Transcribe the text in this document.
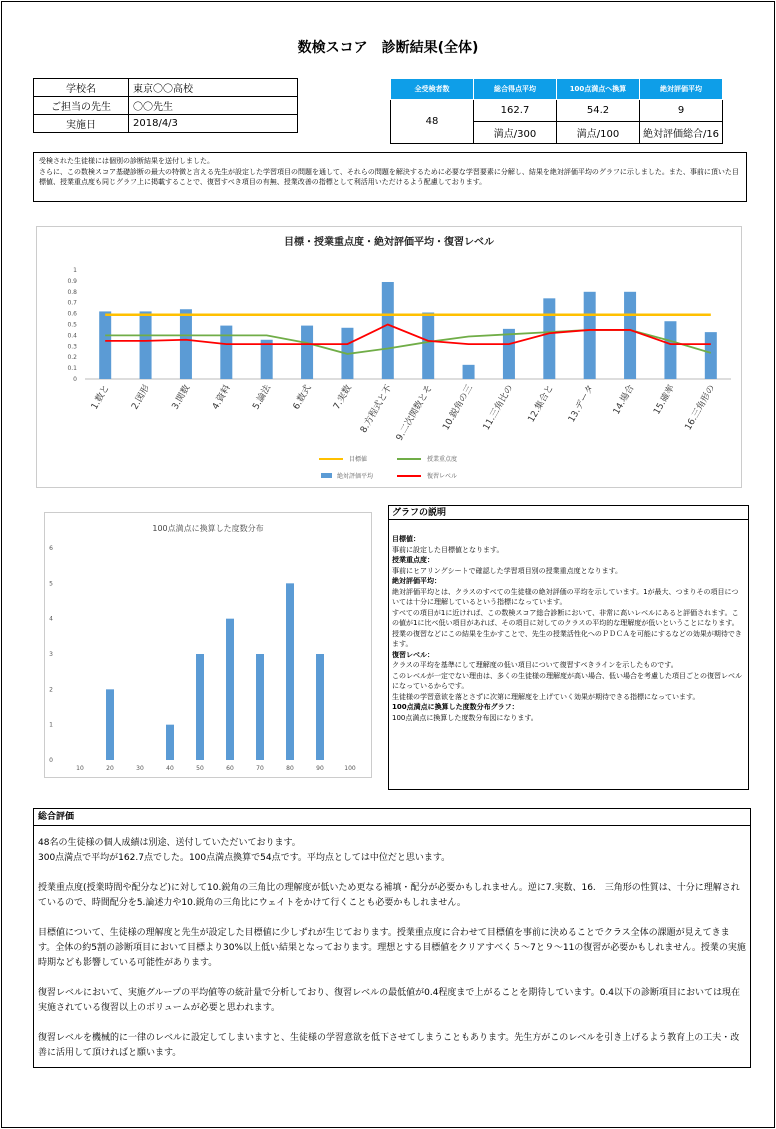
数検スコア　診断結果(全体)
学校名	東京〇〇高校
ご担当の先生	〇〇先生
実施日	2018/4/3
全受検者数	総合得点平均	100点満点へ換算	絶対評価平均
48	162.7	54.2	9
	満点/300	満点/100	絶対評価総合/16
受検された生徒様には個別の診断結果を送付しました。
さらに、この数検スコア基礎診断の最大の特徴と言える先生が設定した学習項目の問題を通して、それらの問題を解決するために必要な学習要素に分解し、結果を絶対評価平均のグラフに示しました。また、事前に頂いた目標値、授業重点度も同じグラフ上に掲載することで、復習すべき項目の有無、授業改善の指標として利活用いただけるよう配慮しております。
目標・授業重点度・絶対評価平均・復習レベル
0
0.1
0.2
0.3
0.4
0.5
0.6
0.7
0.8
0.9
1
1.数と 2.図形 3.関数 4.資料 5.論法 6.数式 7.実数 8.方程式と不 9.二次関数とそ 10.鋭角の三 11.三角比の 12.集合と 13.データ 14.場合 15.確率 16.三角形の
目標値	授業重点度
絶対評価平均	復習レベル
100点満点に換算した度数分布
0
1
2
3
4
5
6
10	20	30	40	50	60	70	80	90	100
グラフの説明
目標値：
事前に設定した目標値となります。
授業重点度：
事前にヒアリングシートで確認した学習項目別の授業重点度となります。
絶対評価平均：
絶対評価平均とは、クラスのすべての生徒様の絶対評価の平均を示しています。1が最大、つまりその項目については十分に理解しているという指標になっています。
すべての項目が1に近ければ、この数検スコア総合診断において、非常に高いレベルにあると評価されます。この値が1に比べ低い項目があれば、その項目に対してのクラスの平均的な理解度が低いということになります。授業の復習などにこの結果を生かすことで、先生の授業活性化へのＰＤＣＡを可能にするなどの効果が期待できます。
復習レベル：
クラスの平均を基準にして理解度の低い項目について復習すべきラインを示したものです。
このレベルが一定でない理由は、多くの生徒様の理解度が高い場合、低い場合を考慮した項目ごとの復習レベルになっているからです。
生徒様の学習意欲を落とさずに次第に理解度を上げていく効果が期待できる指標になっています。
100点満点に換算した度数分布グラフ：
100点満点に換算した度数分布図になります。
総合評価

48名の生徒様の個人成績は別途、送付していただいております。
300点満点で平均が162.7点でした。100点満点換算で54点です。平均点としては中位だと思います。

授業重点度(授業時間や配分など)に対して10.鋭角の三角比の理解度が低いため更なる補填・配分が必要かもしれません。逆に7.実数、16.　三角形の性質は、十分に理解されているので、時間配分を5.論述力や10.鋭角の三角比にウェイトをかけて行くことも必要かもしれません。

目標値について、生徒様の理解度と先生が設定した目標値に少しずれが生じております。授業重点度に合わせて目標値を事前に決めることでクラス全体の課題が見えてきます。全体の約5割の診断項目において目標より30%以上低い結果となっております。理想とする目標値をクリアすべく５～7と９～11の復習が必要かもしれません。授業の実施時期なども影響している可能性があります。

復習レベルにおいて、実施グループの平均値等の統計量で分析しており、復習レベルの最低値が0.4程度まで上がることを期待しています。0.4以下の診断項目においては現在実施されている復習以上のボリュームが必要と思われます。

復習レベルを機械的に一律のレベルに設定してしまいますと、生徒様の学習意欲を低下させてしまうこともあります。先生方がこのレベルを引き上げるよう教育上の工夫・改善に活用して頂ければと願います。
